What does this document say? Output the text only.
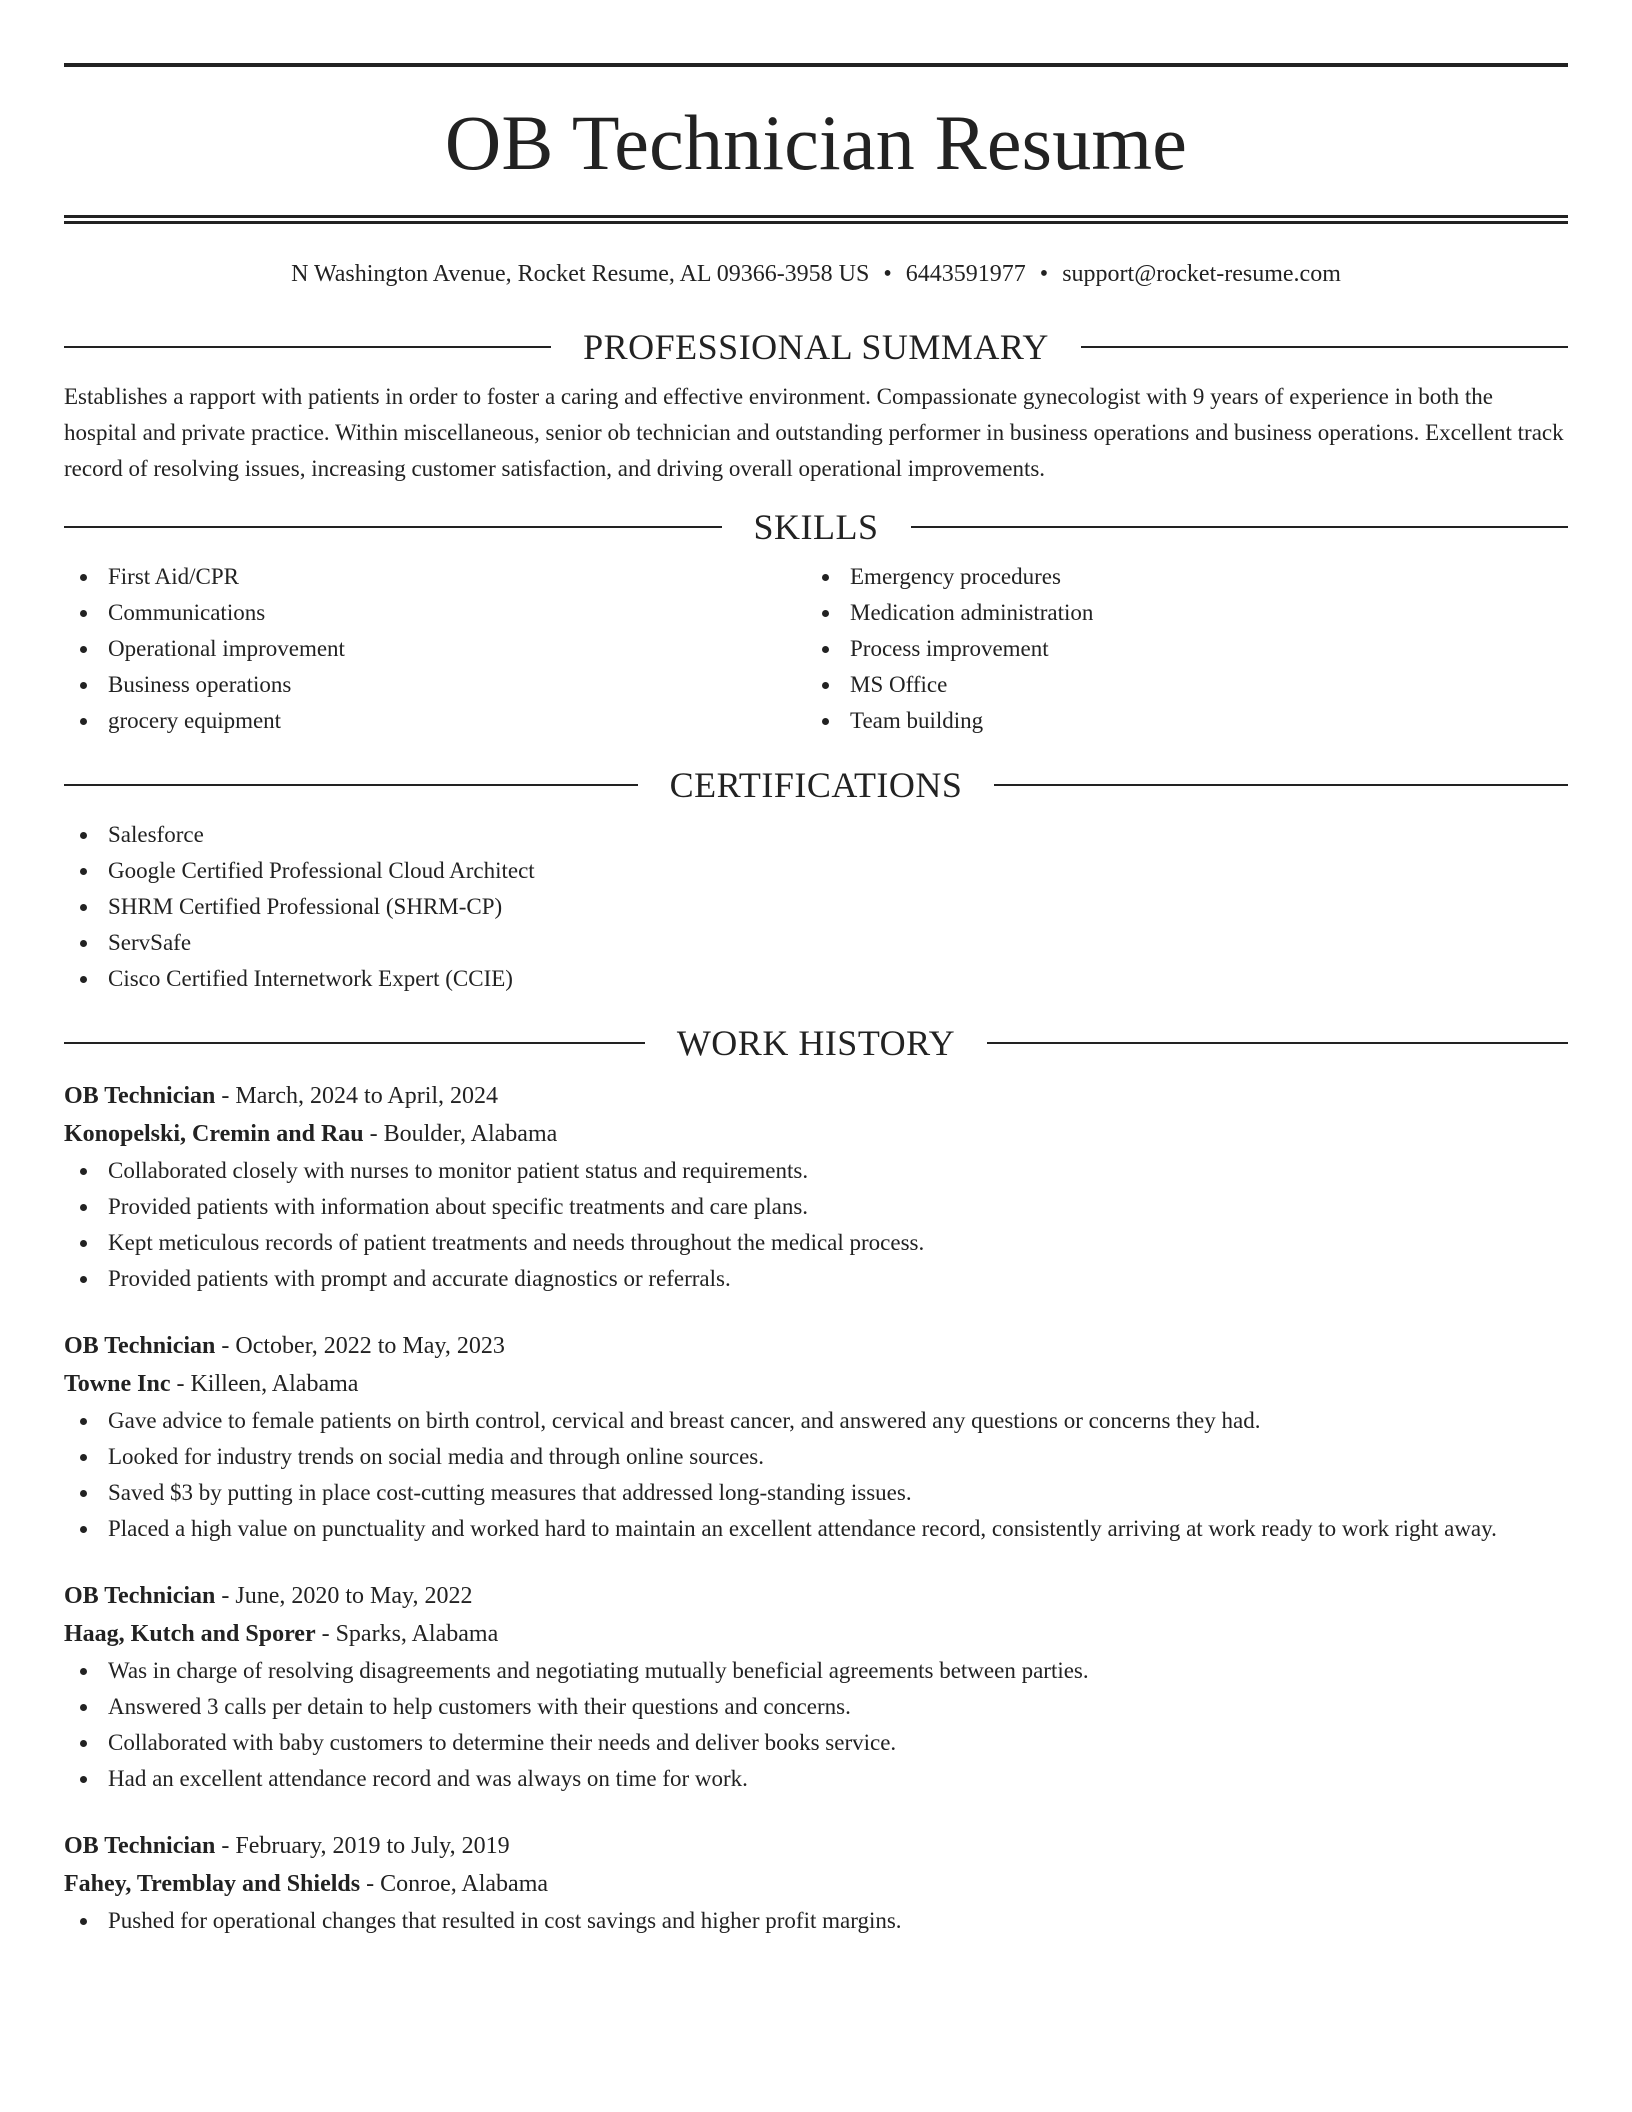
OB Technician Resume
N Washington Avenue, Rocket Resume, AL 09366-3958 US • 6443591977 • support@rocket-resume.com
PROFESSIONAL SUMMARY
Establishes a rapport with patients in order to foster a caring and effective environment. Compassionate gynecologist with 9 years of experience in both the hospital and private practice. Within miscellaneous, senior ob technician and outstanding performer in business operations and business operations. Excellent track record of resolving issues, increasing customer satisfaction, and driving overall operational improvements.
SKILLS
First Aid/CPR
Communications
Operational improvement
Business operations
grocery equipment
Emergency procedures
Medication administration
Process improvement
MS Office
Team building
CERTIFICATIONS
Salesforce
Google Certified Professional Cloud Architect
SHRM Certified Professional (SHRM-CP)
ServSafe
Cisco Certified Internetwork Expert (CCIE)
WORK HISTORY
OB Technician - March, 2024 to April, 2024
Konopelski, Cremin and Rau - Boulder, Alabama
Collaborated closely with nurses to monitor patient status and requirements.
Provided patients with information about specific treatments and care plans.
Kept meticulous records of patient treatments and needs throughout the medical process.
Provided patients with prompt and accurate diagnostics or referrals.
OB Technician - October, 2022 to May, 2023
Towne Inc - Killeen, Alabama
Gave advice to female patients on birth control, cervical and breast cancer, and answered any questions or concerns they had.
Looked for industry trends on social media and through online sources.
Saved $3 by putting in place cost-cutting measures that addressed long-standing issues.
Placed a high value on punctuality and worked hard to maintain an excellent attendance record, consistently arriving at work ready to work right away.
OB Technician - June, 2020 to May, 2022
Haag, Kutch and Sporer - Sparks, Alabama
Was in charge of resolving disagreements and negotiating mutually beneficial agreements between parties.
Answered 3 calls per detain to help customers with their questions and concerns.
Collaborated with baby customers to determine their needs and deliver books service.
Had an excellent attendance record and was always on time for work.
OB Technician - February, 2019 to July, 2019
Fahey, Tremblay and Shields - Conroe, Alabama
Pushed for operational changes that resulted in cost savings and higher profit margins.
